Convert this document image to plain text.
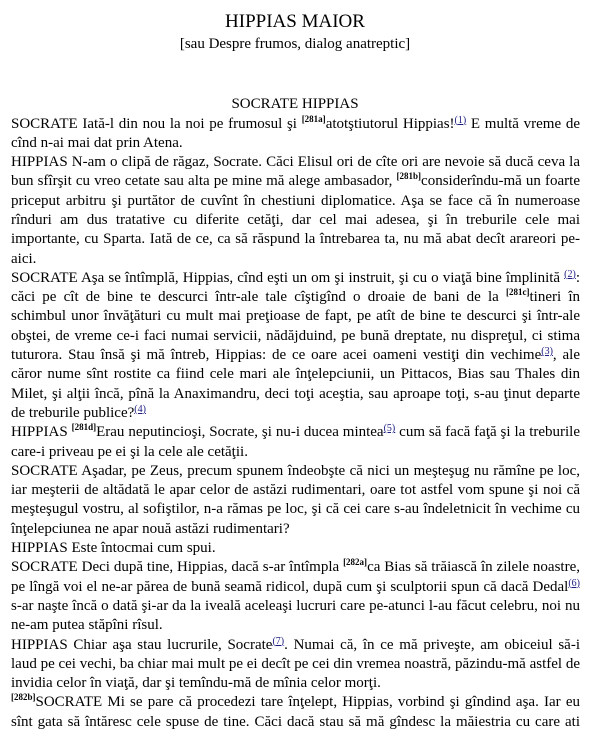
HIPPIAS MAIOR
[sau Despre frumos, dialog anatreptic]
SOCRATE HIPPIAS

SOCRATE Iată-l din nou la noi pe frumosul şi [281a]atotştiutorul Hippias!$^{(1)}$ E multă vreme de cînd n-ai mai dat prin Atena.

HIPPIAS N-am o clipă de răgaz, Socrate. Căci Elisul ori de cîte ori are nevoie să ducă ceva la bun sfîrşit cu vreo cetate sau alta pe mine mă alege ambasador, [281b]considerîndu-mă un foarte priceput arbitru şi purtător de cuvînt în chestiuni diplomatice. Aşa se face că în numeroase rînduri am dus tratative cu diferite cetăţi, dar cel mai adesea, şi în treburile cele mai importante, cu Sparta. Iată de ce, ca să răspund la întrebarea ta, nu mă abat decît arareori pe-aici.

SOCRATE Aşa se întîmplă, Hippias, cînd eşti un om şi instruit, şi cu o viaţă bine împlinită $^{(2)}$: căci pe cît de bine te descurci într-ale tale cîştigînd o droaie de bani de la [281c]tineri în schimbul unor învăţături cu mult mai preţioase de fapt, pe atît de bine te descurci şi într-ale obştei, de vreme ce-i faci numai servicii, nădăjduind, pe bună dreptate, nu dispreţul, ci stima tuturora. Stau însă şi mă întreb, Hippias: de ce oare acei oameni vestiţi din vechime$^{(3)}$, ale căror nume sînt rostite ca fiind cele mari ale înţelepciunii, un Pittacos, Bias sau Thales din Milet, şi alţii încă, pînă la Anaximandru, deci toţi aceştia, sau aproape toţi, s-au ţinut departe de treburile publice?$^{(4)}$

HIPPIAS [281d]Erau neputincioşi, Socrate, şi nu-i ducea mintea$^{(5)}$ cum să facă faţă şi la treburile care-i priveau pe ei şi la cele ale cetăţii.

SOCRATE Aşadar, pe Zeus, precum spunem îndeobşte că nici un meşteşug nu rămîne pe loc, iar meşterii de altădată le apar celor de astăzi rudimentari, oare tot astfel vom spune şi noi că meşteşugul vostru, al sofiştilor, n-a rămas pe loc, şi că cei care s-au îndeletnicit în vechime cu înţelepciunea ne apar nouă astăzi rudimentari?

HIPPIAS Este întocmai cum spui.

SOCRATE Deci după tine, Hippias, dacă s-ar întîmpla [282a]ca Bias să trăiască în zilele noastre, pe lîngă voi el ne-ar părea de bună seamă ridicol, după cum şi sculptorii spun că dacă Dedal$^{(6)}$ s-ar naşte încă o dată şi-ar da la iveală aceleaşi lucruri care pe-atunci l-au făcut celebru, noi nu ne-am putea stăpîni rîsul.

HIPPIAS Chiar aşa stau lucrurile, Socrate$^{(7)}$. Numai că, în ce mă priveşte, am obiceiul să-i laud pe cei vechi, ba chiar mai mult pe ei decît pe cei din vremea noastră, păzindu-mă astfel de invidia celor în viaţă, dar şi temîndu-mă de mînia celor morţi.

[282b]SOCRATE Mi se pare că procedezi tare înţelept, Hippias, vorbind şi gîndind aşa. Iar eu sînt gata să întăresc cele spuse de tine. Căci dacă stau să mă gîndesc la măiestria cu care ati
